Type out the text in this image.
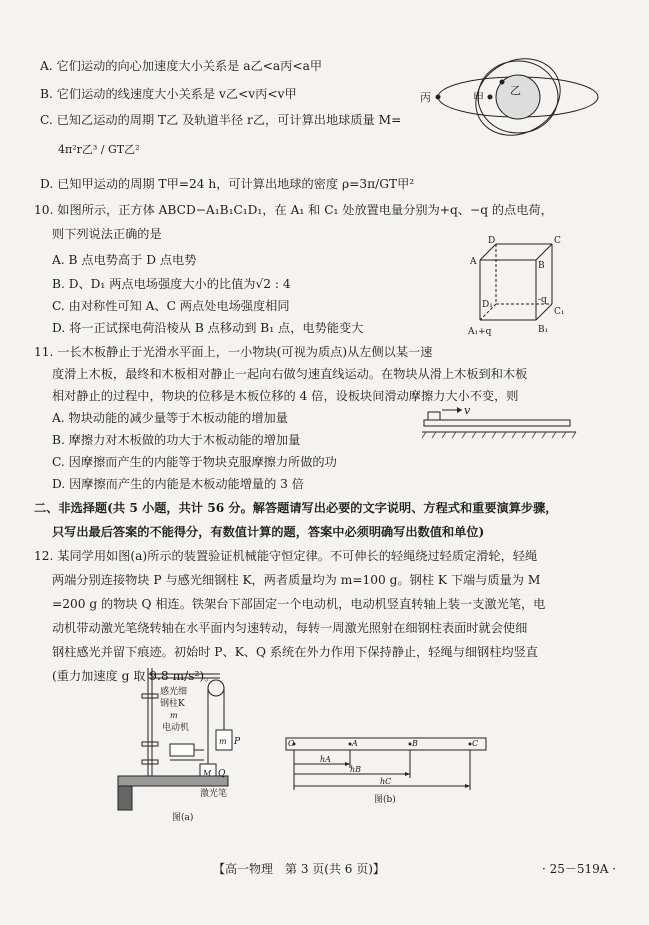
A. 它们运动的向心加速度大小关系是 a乙<a丙<a甲
B. 它们运动的线速度大小关系是 v乙<v丙<v甲
C. 已知乙运动的周期 T乙 及轨道半径 r乙，可计算出地球质量 M=
4π²r乙³ / GT乙²
D. 已知甲运动的周期 T甲=24 h，可计算出地球的密度 ρ=3π/GT甲²
丙	甲
乙
10. 如图所示，正方体 ABCD−A₁B₁C₁D₁，在 A₁ 和 C₁ 处放置电量分别为+q、−q 的点电荷，
则下列说法正确的是
A. B 点电势高于 D 点电势
B. D、D₁ 两点电场强度大小的比值为√2 : 4
C. 由对称性可知 A、C 两点处电场强度相同
D. 将一正试探电荷沿棱从 B 点移动到 B₁ 点，电势能变大
D	C
A	B
D₁	-q
C₁
A₁+q	B₁
11. 一长木板静止于光滑水平面上，一小物块(可视为质点)从左侧以某一速
度滑上木板，最终和木板相对静止一起向右做匀速直线运动。在物块从滑上木板到和木板
相对静止的过程中，物块的位移是木板位移的 4 倍，设板块间滑动摩擦力大小不变，则
A. 物块动能的减少量等于木板动能的增加量
B. 摩擦力对木板做的功大于木板动能的增加量
C. 因摩擦而产生的内能等于物块克服摩擦力所做的功
D. 因摩擦而产生的内能是木板动能增量的 3 倍
v
二、非选择题(共 5 小题，共计 56 分。解答题请写出必要的文字说明、方程式和重要演算步骤，
只写出最后答案的不能得分，有数值计算的题，答案中必须明确写出数值和单位)
12. 某同学用如图(a)所示的装置验证机械能守恒定律。不可伸长的轻绳绕过轻质定滑轮，轻绳
两端分别连接物块 P 与感光细钢柱 K，两者质量均为 m=100 g。钢柱 K 下端与质量为 M
=200 g 的物块 Q 相连。铁架台下部固定一个电动机，电动机竖直转轴上装一支激光笔，电
动机带动激光笔绕转轴在水平面内匀速转动，每转一周激光照射在细钢柱表面时就会使细
钢柱感光并留下痕迹。初始时 P、K、Q 系统在外力作用下保持静止，轻绳与细钢柱均竖直
(重力加速度 g 取 9.8 m/s²)。
感光细
钢柱K
m
电动机
m P
M Q
激光笔
图(a)
O	A	B	C
hA
hB
hC
图(b)
【高一物理　第 3 页(共 6 页)】	· 25－519A ·
